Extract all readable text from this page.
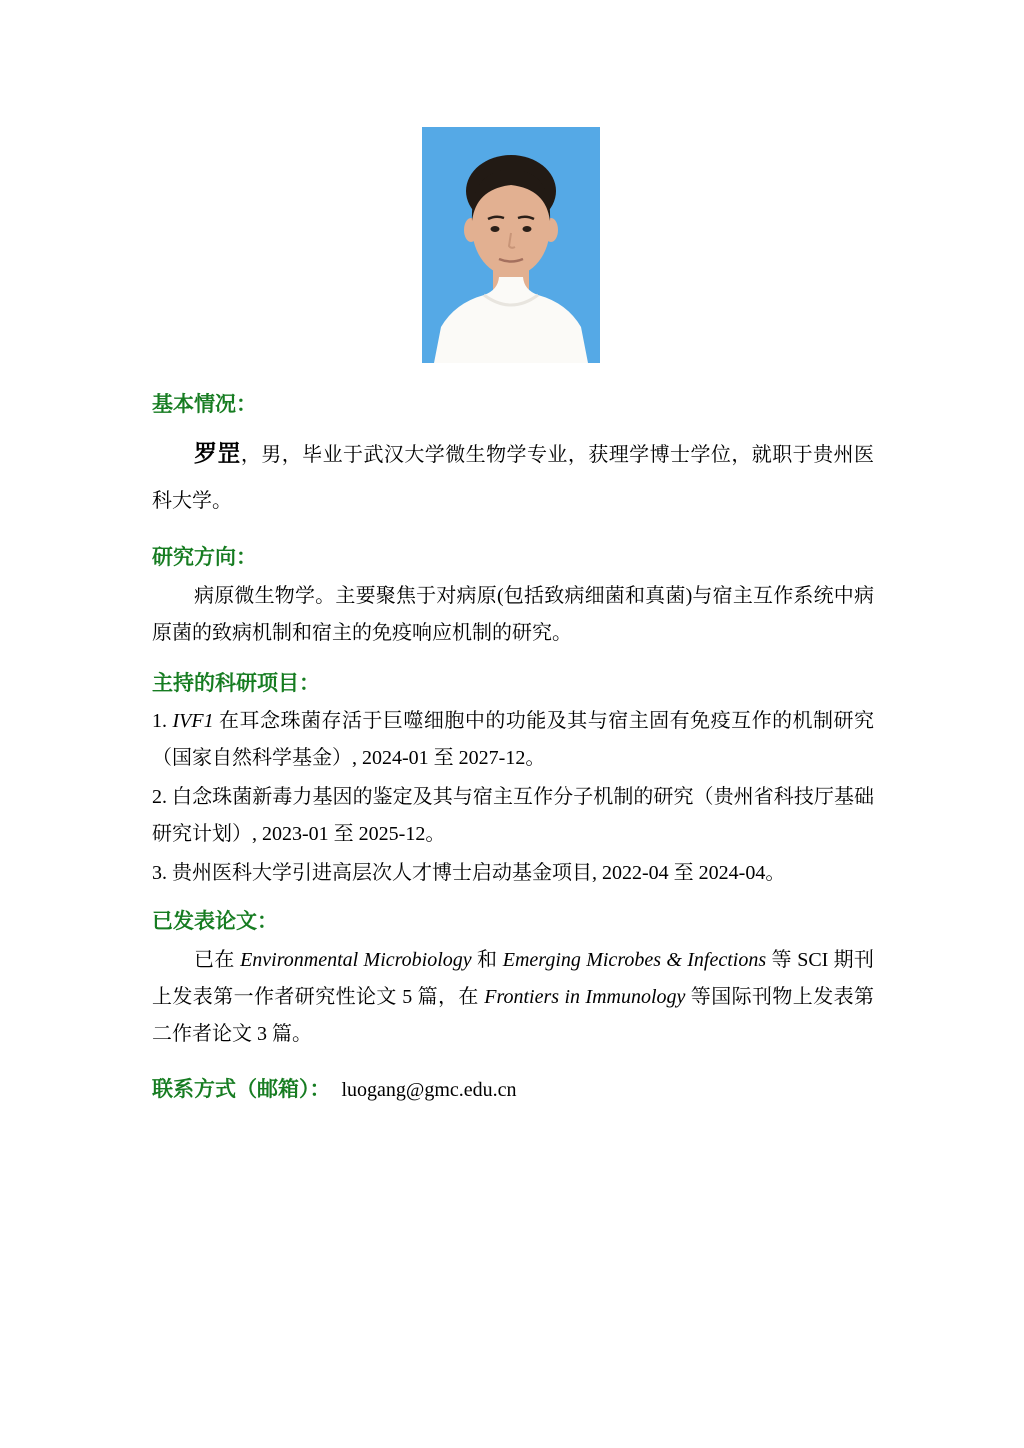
基本情况：

罗罡，男，毕业于武汉大学微生物学专业，获理学博士学位，就职于贵州医科大学。

研究方向：

病原微生物学。主要聚焦于对病原(包括致病细菌和真菌)与宿主互作系统中病原菌的致病机制和宿主的免疫响应机制的研究。

主持的科研项目：

1. IVF1 在耳念珠菌存活于巨噬细胞中的功能及其与宿主固有免疫互作的机制研究（国家自然科学基金）, 2024-01 至 2027-12。

2. 白念珠菌新毒力基因的鉴定及其与宿主互作分子机制的研究（贵州省科技厅基础研究计划）, 2023-01 至 2025-12。

3. 贵州医科大学引进高层次人才博士启动基金项目, 2022-04 至 2024-04。

已发表论文：

已在 Environmental Microbiology 和 Emerging Microbes & Infections 等 SCI 期刊上发表第一作者研究性论文 5 篇，在 Frontiers in Immunology 等国际刊物上发表第二作者论文 3 篇。

联系方式（邮箱）： luogang@gmc.edu.cn
